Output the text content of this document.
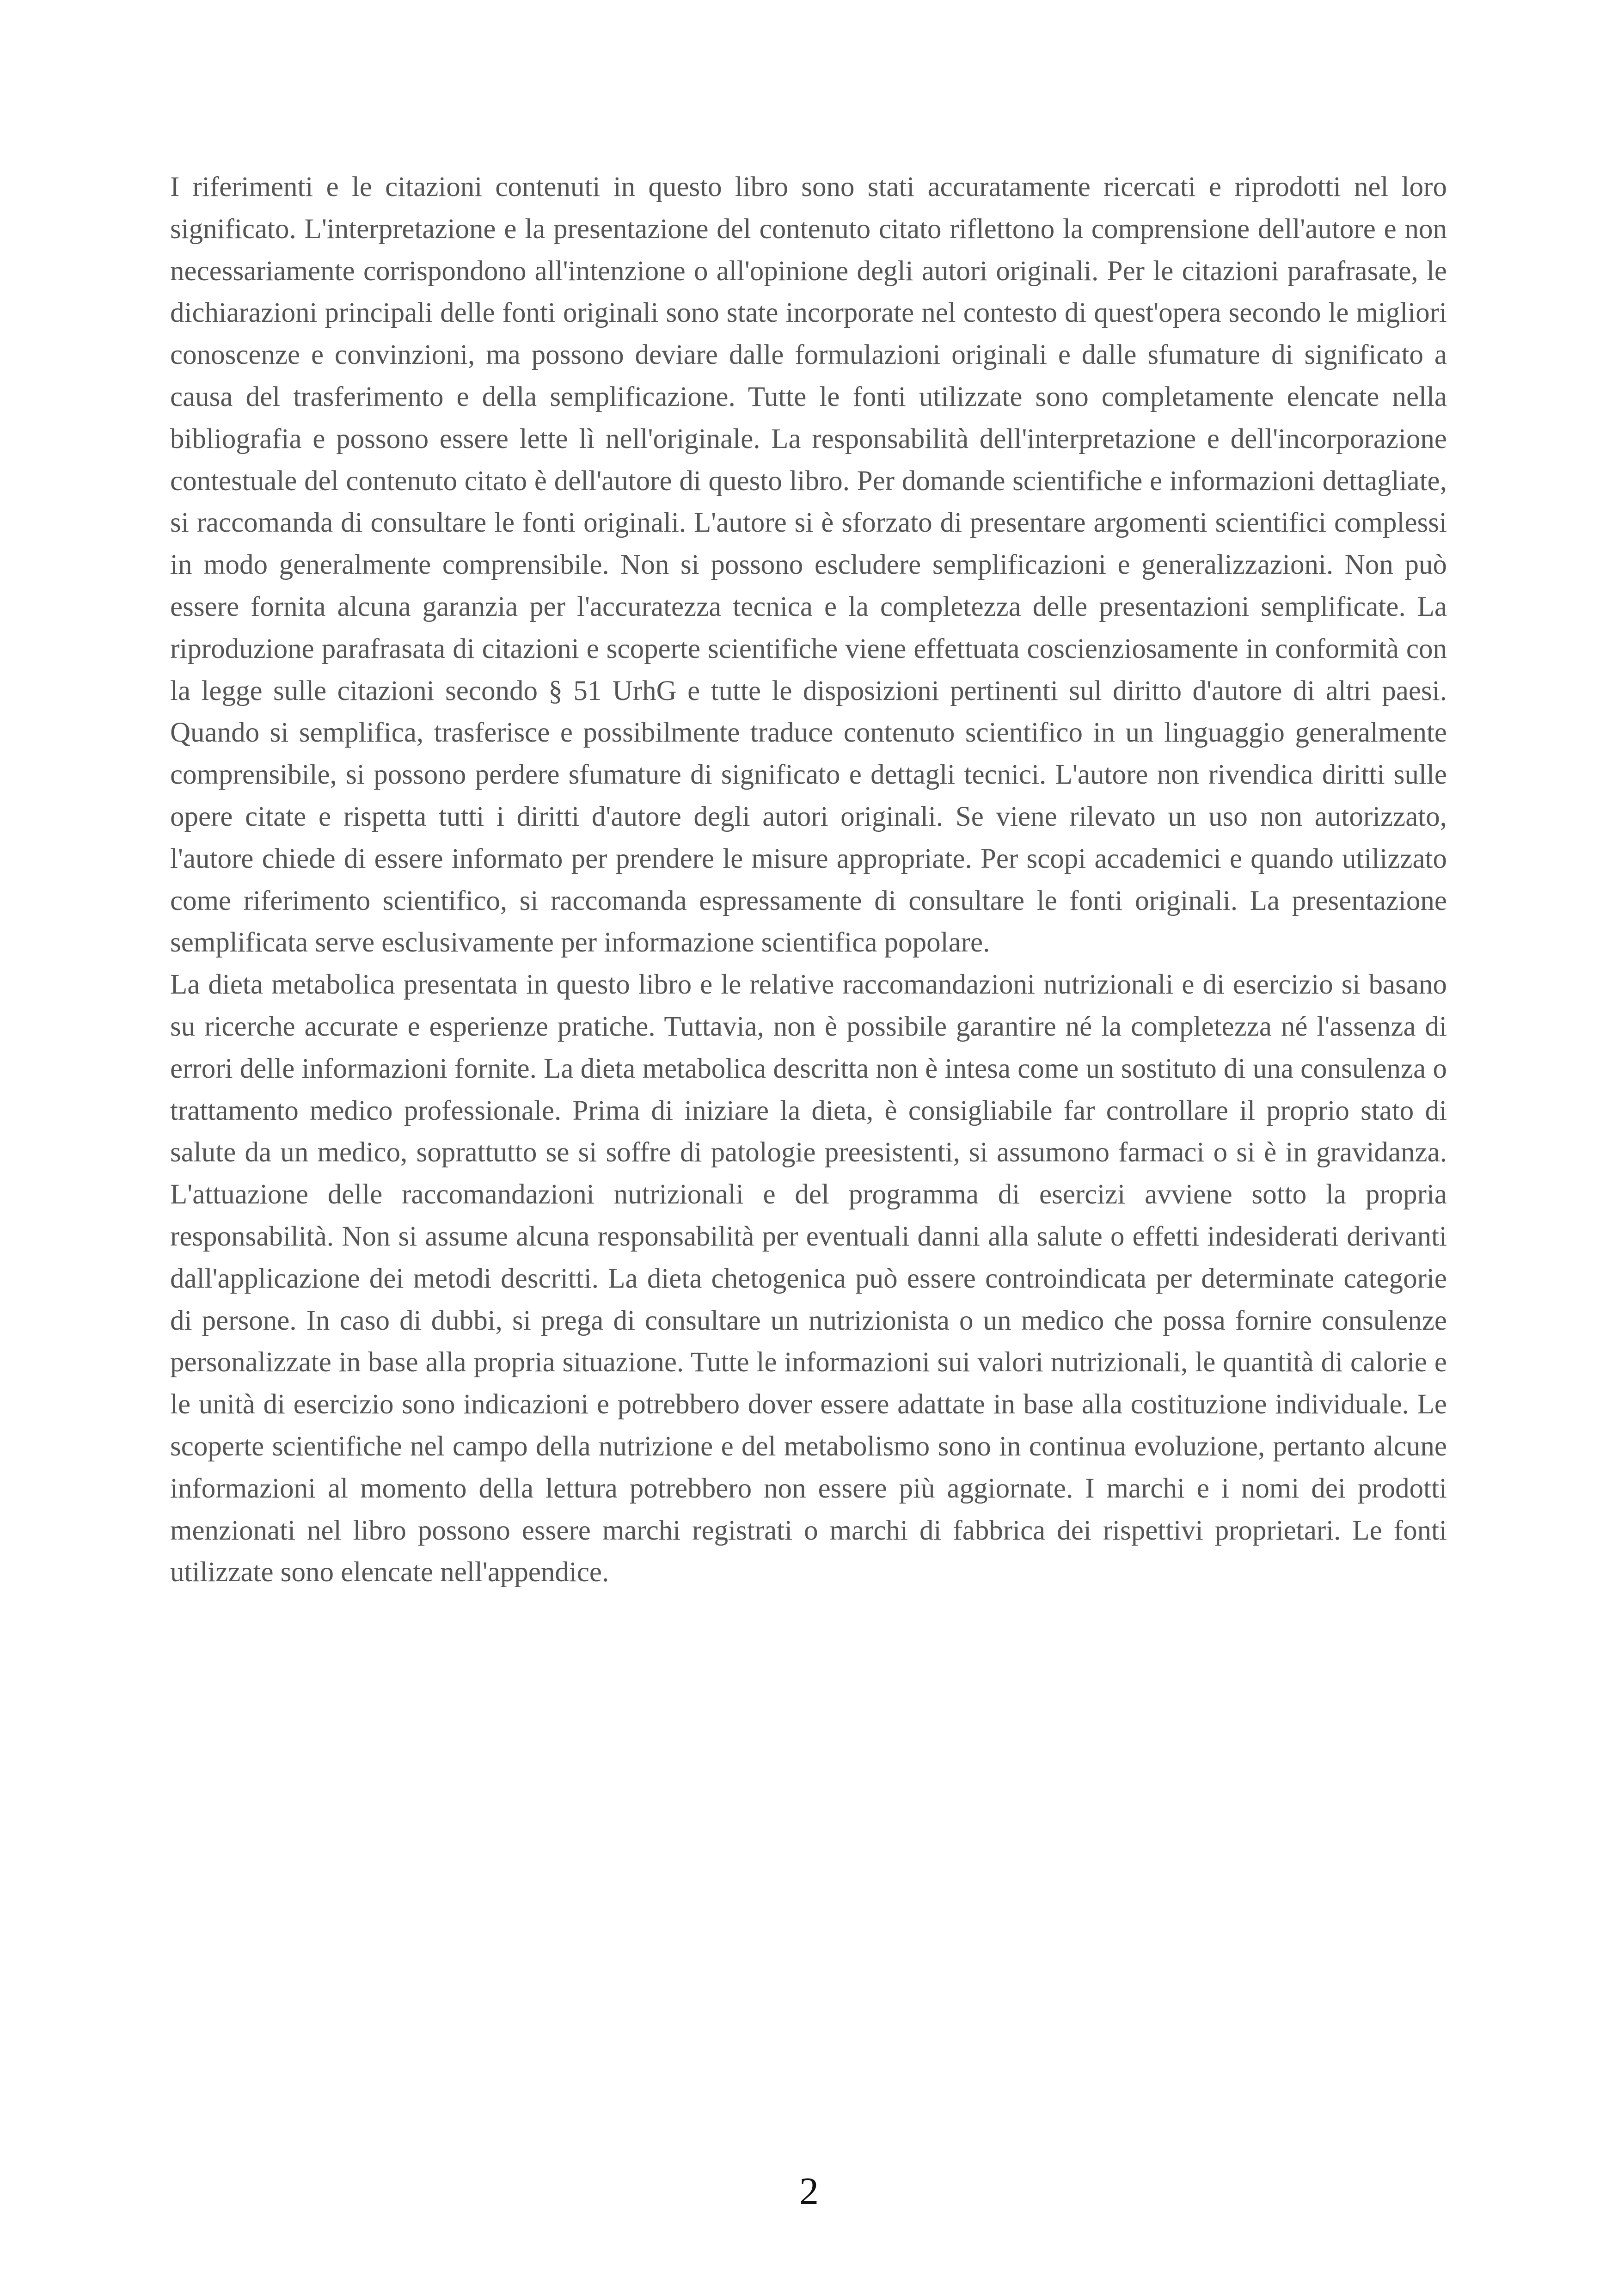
I riferimenti e le citazioni contenuti in questo libro sono stati accuratamente ricercati e riprodotti nel loro significato. L'interpretazione e la presentazione del contenuto citato riflettono la comprensione dell'autore e non necessariamente corrispondono all'intenzione o all'opinione degli autori originali. Per le citazioni parafrasate, le dichiarazioni principali delle fonti originali sono state incorporate nel contesto di quest'opera secondo le migliori conoscenze e convinzioni, ma possono deviare dalle formulazioni originali e dalle sfumature di significato a causa del trasferimento e della semplificazione. Tutte le fonti utilizzate sono completamente elencate nella bibliografia e possono essere lette lì nell'originale. La responsabilità dell'interpretazione e dell'incorporazione contestuale del contenuto citato è dell'autore di questo libro. Per domande scientifiche e informazioni dettagliate, si raccomanda di consultare le fonti originali. L'autore si è sforzato di presentare argomenti scientifici complessi in modo generalmente comprensibile. Non si possono escludere semplificazioni e generalizzazioni. Non può essere fornita alcuna garanzia per l'accuratezza tecnica e la completezza delle presentazioni semplificate. La riproduzione parafrasata di citazioni e scoperte scientifiche viene effettuata coscienziosamente in conformità con la legge sulle citazioni secondo § 51 UrhG e tutte le disposizioni pertinenti sul diritto d'autore di altri paesi. Quando si semplifica, trasferisce e possibilmente traduce contenuto scientifico in un linguaggio generalmente comprensibile, si possono perdere sfumature di significato e dettagli tecnici. L'autore non rivendica diritti sulle opere citate e rispetta tutti i diritti d'autore degli autori originali. Se viene rilevato un uso non autorizzato, l'autore chiede di essere informato per prendere le misure appropriate. Per scopi accademici e quando utilizzato come riferimento scientifico, si raccomanda espressamente di consultare le fonti originali. La presentazione semplificata serve esclusivamente per informazione scientifica popolare.

La dieta metabolica presentata in questo libro e le relative raccomandazioni nutrizionali e di esercizio si basano su ricerche accurate e esperienze pratiche. Tuttavia, non è possibile garantire né la completezza né l'assenza di errori delle informazioni fornite. La dieta metabolica descritta non è intesa come un sostituto di una consulenza o trattamento medico professionale. Prima di iniziare la dieta, è consigliabile far controllare il proprio stato di salute da un medico, soprattutto se si soffre di patologie preesistenti, si assumono farmaci o si è in gravidanza. L'attuazione delle raccomandazioni nutrizionali e del programma di esercizi avviene sotto la propria responsabilità. Non si assume alcuna responsabilità per eventuali danni alla salute o effetti indesiderati derivanti dall'applicazione dei metodi descritti. La dieta chetogenica può essere controindicata per determinate categorie di persone. In caso di dubbi, si prega di consultare un nutrizionista o un medico che possa fornire consulenze personalizzate in base alla propria situazione. Tutte le informazioni sui valori nutrizionali, le quantità di calorie e le unità di esercizio sono indicazioni e potrebbero dover essere adattate in base alla costituzione individuale. Le scoperte scientifiche nel campo della nutrizione e del metabolismo sono in continua evoluzione, pertanto alcune informazioni al momento della lettura potrebbero non essere più aggiornate. I marchi e i nomi dei prodotti menzionati nel libro possono essere marchi registrati o marchi di fabbrica dei rispettivi proprietari. Le fonti utilizzate sono elencate nell'appendice.

2
